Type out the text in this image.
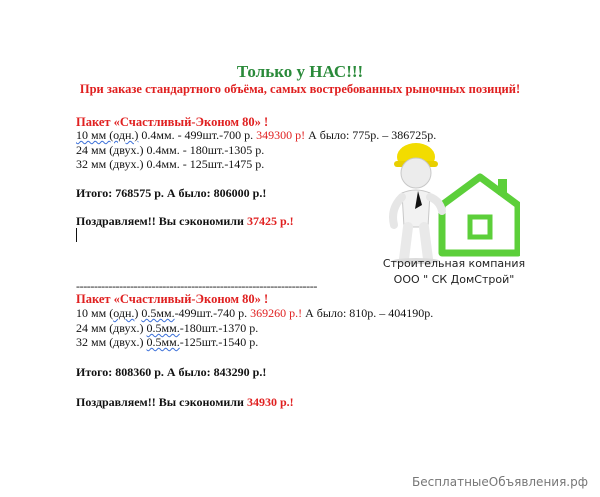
Только у НАС!!!
При заказе стандартного объёма, самых востребованных рыночных позиций!
Пакет «Счастливый-Эконом 80» !
10 мм (одн.) 0.4мм. - 499шт.-700 р. 349300 р! А было: 775р. – 386725р.
24 мм (двух.) 0.4мм. - 180шт.-1305 р.
32 мм (двух.) 0.4мм. - 125шт.-1475 р.
Итого: 768575 р. А было: 806000 р.!
Поздравляем!! Вы сэкономили 37425 р.!
Строительная компания
ООО " СК ДомСтрой"
-------------------------------------------------------------------
Пакет «Счастливый-Эконом 80» !
10 мм (одн.) 0.5мм.-499шт.-740 р. 369260 р.! А было: 810р. – 404190р.
24 мм (двух.) 0.5мм.-180шт.-1370 р.
32 мм (двух.) 0.5мм.-125шт.-1540 р.
Итого: 808360 р. А было: 843290 р.!
Поздравляем!! Вы сэкономили 34930 р.!
БесплатныеОбъявления.рф
